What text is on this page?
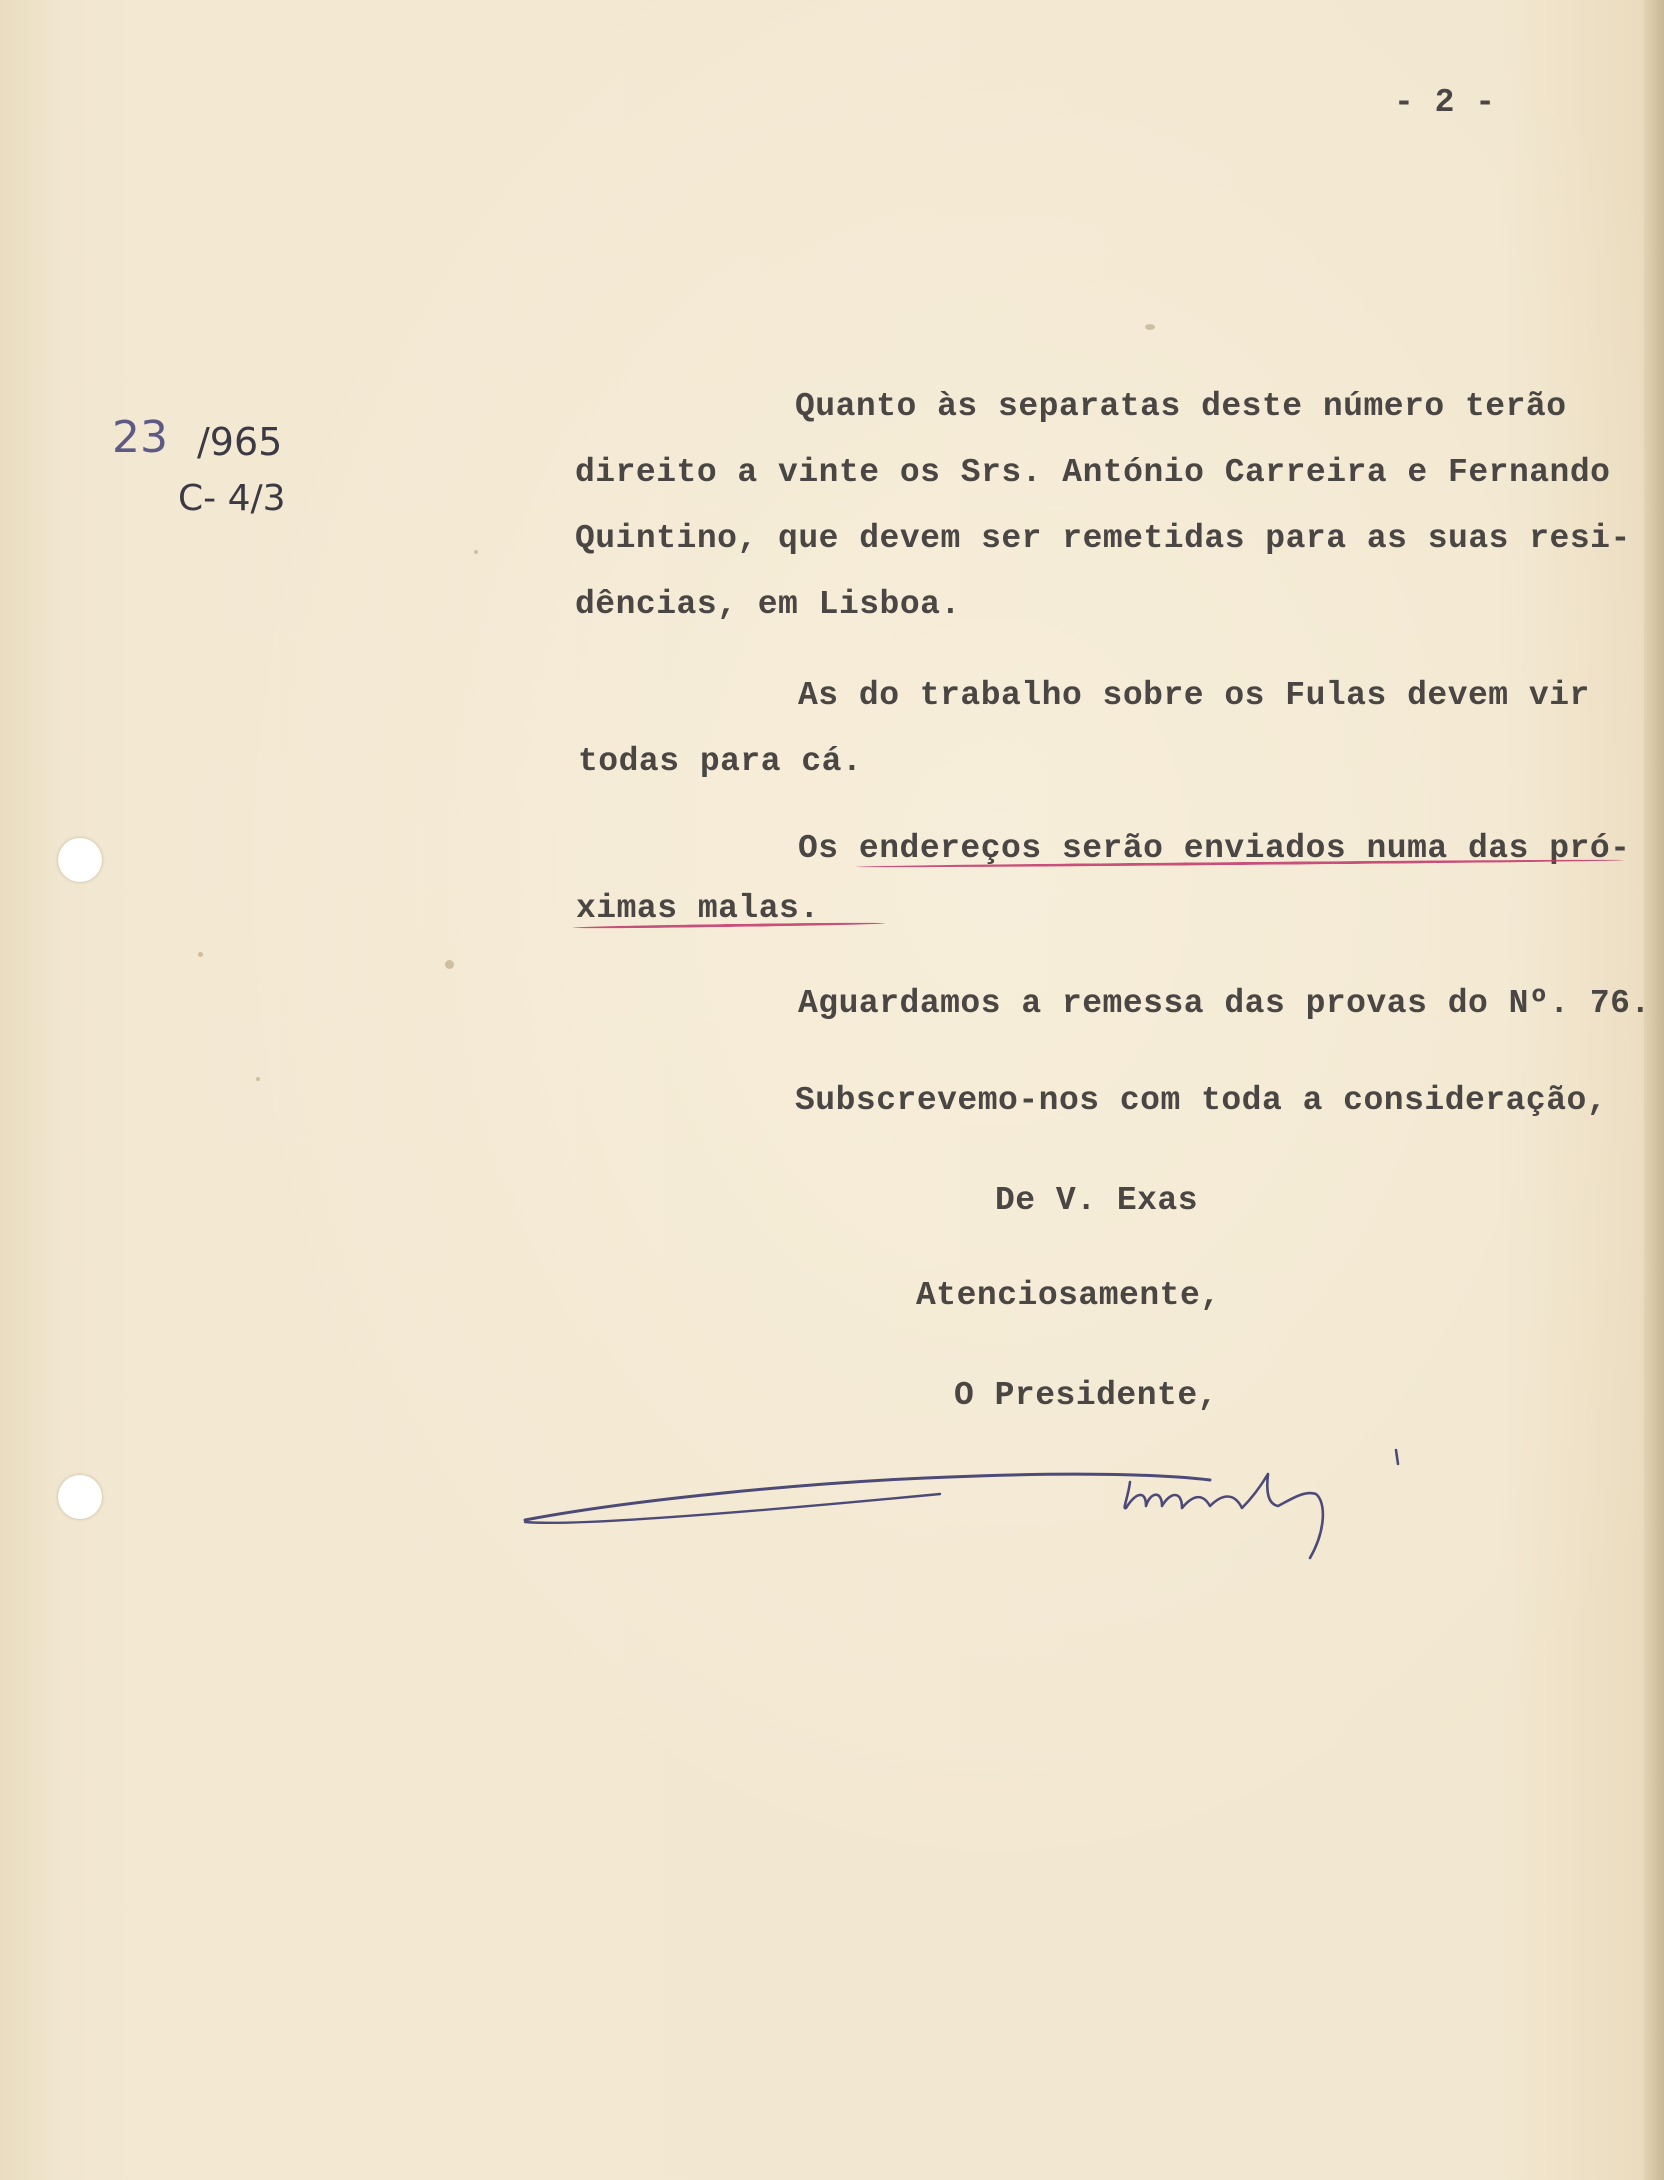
- 2 -
23 /965
C- 4/3
Quanto às separatas deste número terão
direito a vinte os Srs. António Carreira e Fernando
Quintino, que devem ser remetidas para as suas resi-
dências, em Lisboa.
As do trabalho sobre os Fulas devem vir
todas para cá.
Os endereços serão enviados numa das pró-
ximas malas.
Aguardamos a remessa das provas do Nº. 76.
Subscrevemo-nos com toda a consideração,
De V. Exas
Atenciosamente,
O Presidente,
